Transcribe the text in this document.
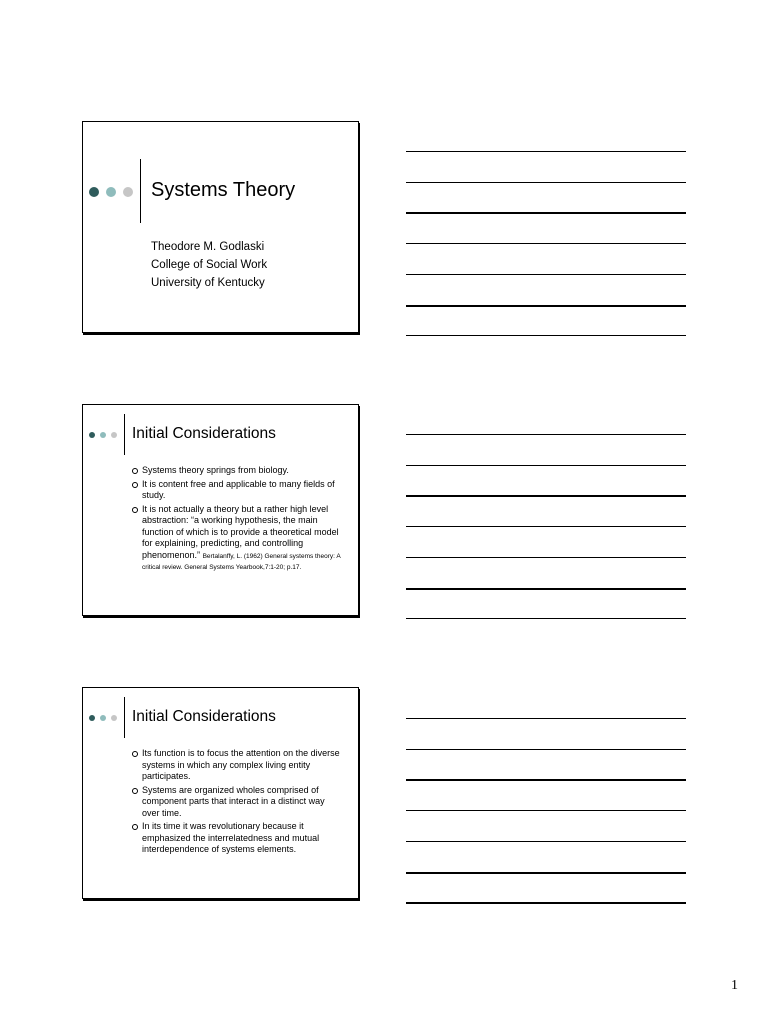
Systems Theory
Theodore M. Godlaski
College of Social Work
University of Kentucky
Initial Considerations
Systems theory springs from biology.
It is content free and applicable to many fields of study.
It is not actually a theory but a rather high level abstraction: “a working hypothesis, the main function of which is to provide a theoretical model for explaining, predicting, and controlling phenomenon.” Bertalanffy, L. (1962) General systems theory: A critical review. General Systems Yearbook,7:1-20; p.17.
Initial Considerations
Its function is to focus the attention on the diverse systems in which any complex living entity participates.
Systems are organized wholes comprised of component parts that interact in a distinct way over time.
In its time it was revolutionary because it emphasized the interrelatedness and mutual interdependence of systems elements.
1
